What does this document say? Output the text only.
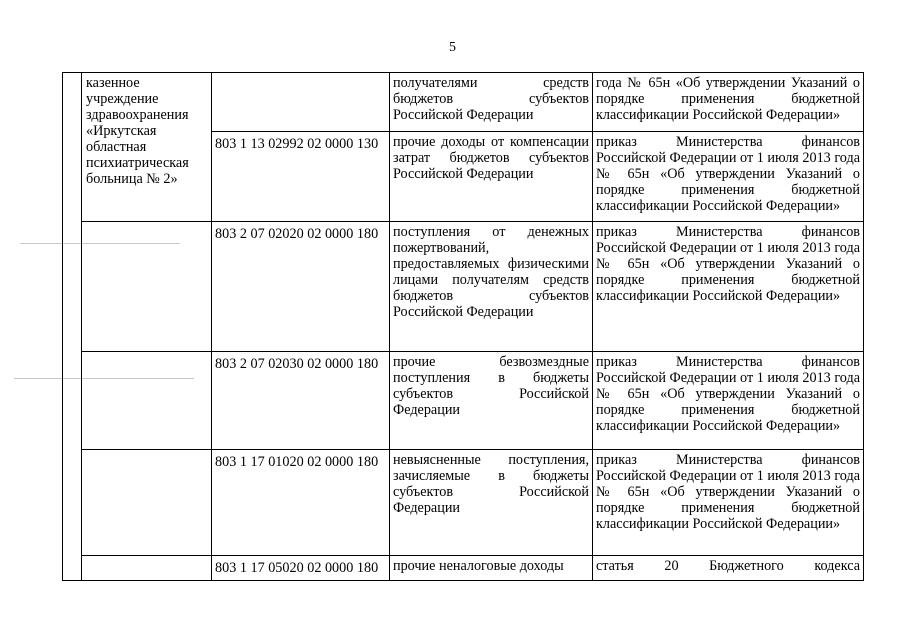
5
	казенное учреждение здравоохранения «Иркутская областная психиатрическая больница № 2»		получателями средств бюджетов субъектов Российской Федерации	года № 65н «Об утверждении Указаний о порядке применения бюджетной классификации Российской Федерации»
		803 1 13 02992 02 0000 130	прочие доходы от компенсации затрат бюджетов субъектов Российской Федерации	приказ Министерства финансов Российской Федерации от 1 июля 2013 года № 65н «Об утверждении Указаний о порядке применения бюджетной классификации Российской Федерации»
		803 2 07 02020 02 0000 180	поступления от денежных пожертвований, предоставляемых физическими лицами получателям средств бюджетов субъектов Российской Федерации	приказ Министерства финансов Российской Федерации от 1 июля 2013 года № 65н «Об утверждении Указаний о порядке применения бюджетной классификации Российской Федерации»
		803 2 07 02030 02 0000 180	прочие безвозмездные поступления в бюджеты субъектов Российской Федерации	приказ Министерства финансов Российской Федерации от 1 июля 2013 года № 65н «Об утверждении Указаний о порядке применения бюджетной классификации Российской Федерации»
		803 1 17 01020 02 0000 180	невыясненные поступления, зачисляемые в бюджеты субъектов Российской Федерации	приказ Министерства финансов Российской Федерации от 1 июля 2013 года № 65н «Об утверждении Указаний о порядке применения бюджетной классификации Российской Федерации»
		803 1 17 05020 02 0000 180	прочие неналоговые доходы	статья 20 Бюджетного кодекса
